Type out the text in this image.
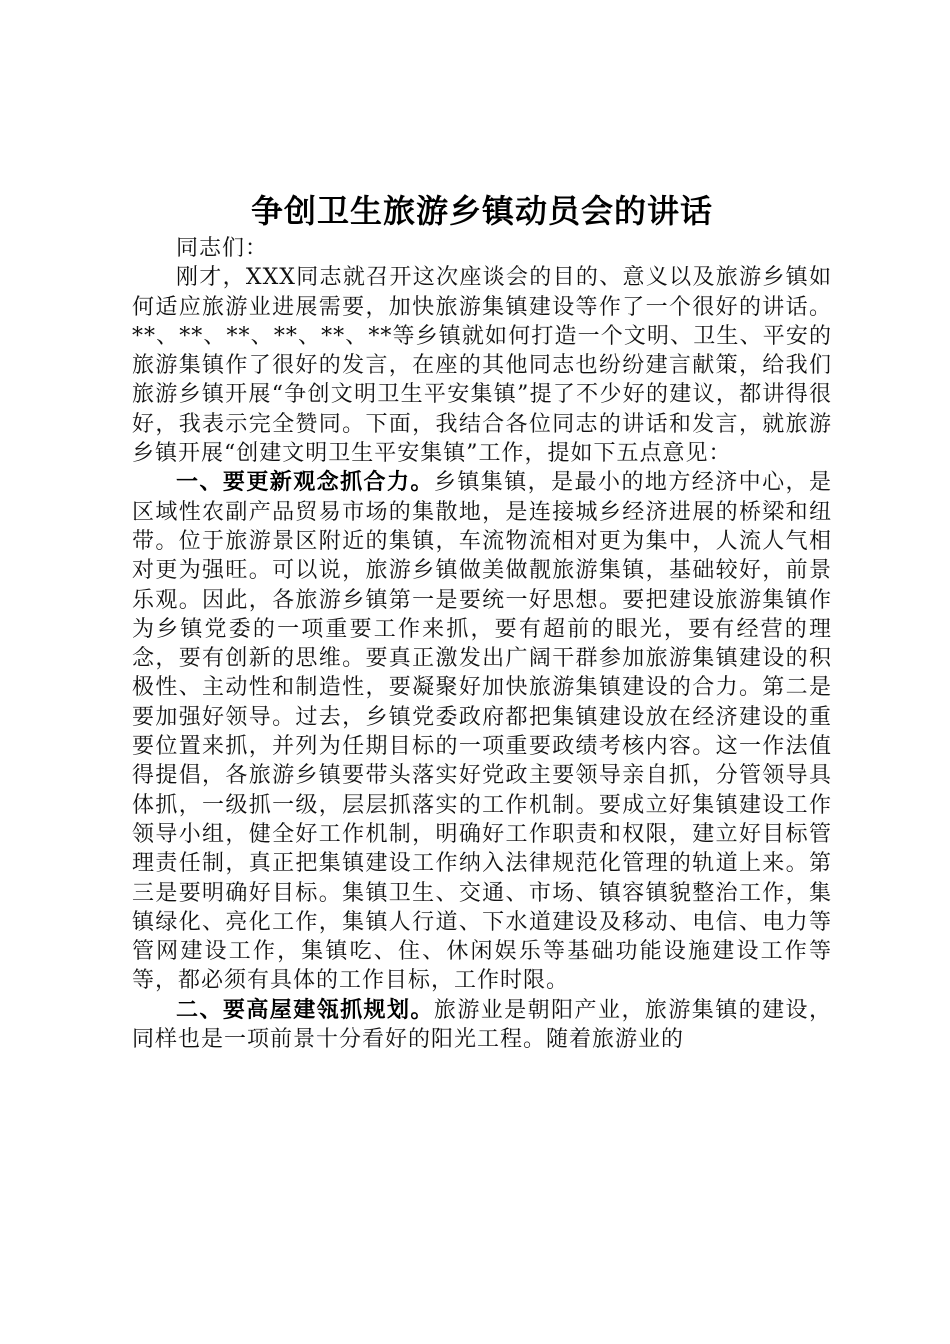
争创卫生旅游乡镇动员会的讲话

同志们：

刚才，XXX同志就召开这次座谈会的目的、意义以及旅游乡镇如何适应旅游业进展需要，加快旅游集镇建设等作了一个很好的讲话。**、**、**、**、**、**等乡镇就如何打造一个文明、卫生、平安的旅游集镇作了很好的发言，在座的其他同志也纷纷建言献策，给我们旅游乡镇开展“争创文明卫生平安集镇”提了不少好的建议，都讲得很好，我表示完全赞同。下面，我结合各位同志的讲话和发言，就旅游乡镇开展“创建文明卫生平安集镇”工作，提如下五点意见：

一、要更新观念抓合力。乡镇集镇，是最小的地方经济中心，是区域性农副产品贸易市场的集散地，是连接城乡经济进展的桥梁和纽带。位于旅游景区附近的集镇，车流物流相对更为集中，人流人气相对更为强旺。可以说，旅游乡镇做美做靓旅游集镇，基础较好，前景乐观。因此，各旅游乡镇第一是要统一好思想。要把建设旅游集镇作为乡镇党委的一项重要工作来抓，要有超前的眼光，要有经营的理念，要有创新的思维。要真正激发出广阔干群参加旅游集镇建设的积极性、主动性和制造性，要凝聚好加快旅游集镇建设的合力。第二是要加强好领导。过去，乡镇党委政府都把集镇建设放在经济建设的重要位置来抓，并列为任期目标的一项重要政绩考核内容。这一作法值得提倡，各旅游乡镇要带头落实好党政主要领导亲自抓，分管领导具体抓，一级抓一级，层层抓落实的工作机制。要成立好集镇建设工作领导小组，健全好工作机制，明确好工作职责和权限，建立好目标管理责任制，真正把集镇建设工作纳入法律规范化管理的轨道上来。第三是要明确好目标。集镇卫生、交通、市场、镇容镇貌整治工作，集镇绿化、亮化工作，集镇人行道、下水道建设及移动、电信、电力等管网建设工作，集镇吃、住、休闲娱乐等基础功能设施建设工作等等，都必须有具体的工作目标，工作时限。

二、要高屋建瓴抓规划。旅游业是朝阳产业，旅游集镇的建设，同样也是一项前景十分看好的阳光工程。随着旅游业的
